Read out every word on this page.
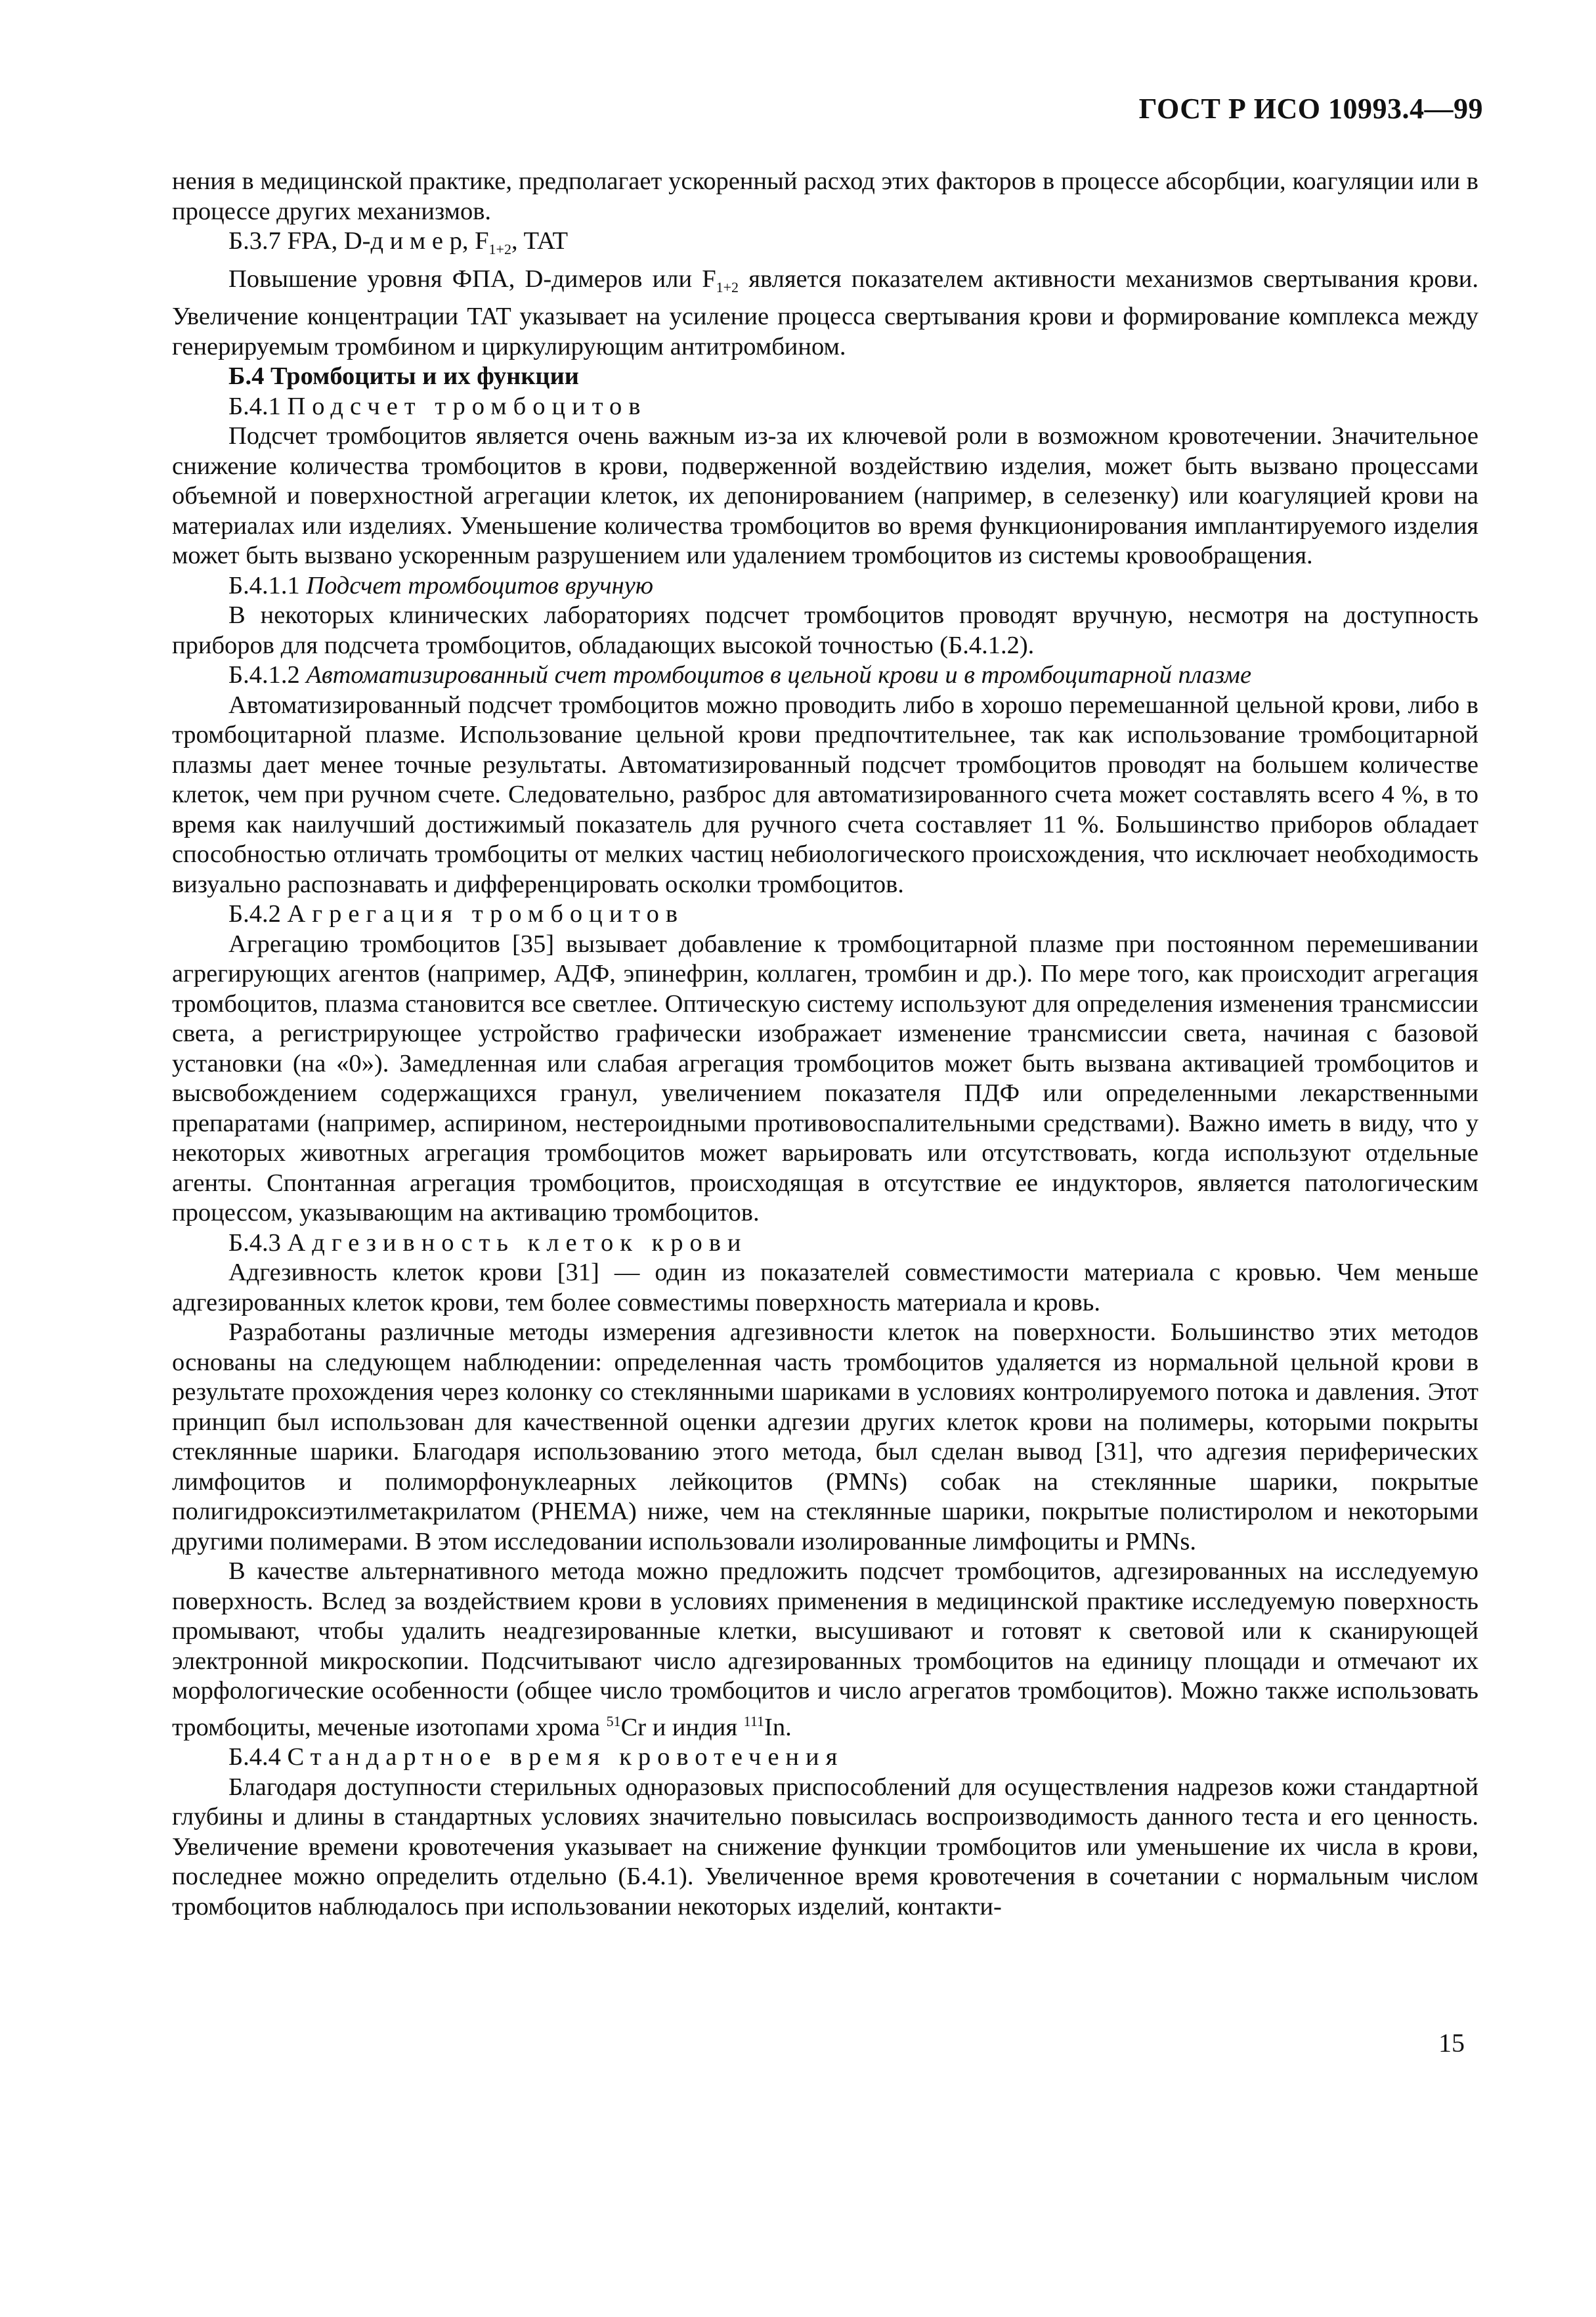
ГОСТ Р ИСО 10993.4—99

нения в медицинской практике, предполагает ускоренный расход этих факторов в процессе абсорбции, коагуляции или в процессе других механизмов.

Б.3.7 FPA, D-д и м е р, $F_{1+2}$, TAT

Повышение уровня ФПА, D-димеров или $F_{1+2}$ является показателем активности механизмов свертывания крови. Увеличение концентрации TAT указывает на усиление процесса свертывания крови и формирование комплекса между генерируемым тромбином и циркулирующим антитромбином.

Б.4 Тромбоциты и их функции

Б.4.1 Подсчет тромбоцитов

Подсчет тромбоцитов является очень важным из-за их ключевой роли в возможном кровотечении. Значительное снижение количества тромбоцитов в крови, подверженной воздействию изделия, может быть вызвано процессами объемной и поверхностной агрегации клеток, их депонированием (например, в селезенку) или коагуляцией крови на материалах или изделиях. Уменьшение количества тромбоцитов во время функционирования имплантируемого изделия может быть вызвано ускоренным разрушением или удалением тромбоцитов из системы кровообращения.

Б.4.1.1 Подсчет тромбоцитов вручную

В некоторых клинических лабораториях подсчет тромбоцитов проводят вручную, несмотря на доступность приборов для подсчета тромбоцитов, обладающих высокой точностью (Б.4.1.2).

Б.4.1.2 Автоматизированный счет тромбоцитов в цельной крови и в тромбоцитарной плазме

Автоматизированный подсчет тромбоцитов можно проводить либо в хорошо перемешанной цельной крови, либо в тромбоцитарной плазме. Использование цельной крови предпочтительнее, так как использование тромбоцитарной плазмы дает менее точные результаты. Автоматизированный подсчет тромбоцитов проводят на большем количестве клеток, чем при ручном счете. Следовательно, разброс для автоматизированного счета может составлять всего 4 %, в то время как наилучший достижимый показатель для ручного счета составляет 11 %. Большинство приборов обладает способностью отличать тромбоциты от мелких частиц небиологического происхождения, что исключает необходимость визуально распознавать и дифференцировать осколки тромбоцитов.

Б.4.2 Агрегация тромбоцитов

Агрегацию тромбоцитов [35] вызывает добавление к тромбоцитарной плазме при постоянном перемешивании агрегирующих агентов (например, АДФ, эпинефрин, коллаген, тромбин и др.). По мере того, как происходит агрегация тромбоцитов, плазма становится все светлее. Оптическую систему используют для определения изменения трансмиссии света, а регистрирующее устройство графически изображает изменение трансмиссии света, начиная с базовой установки (на «0»). Замедленная или слабая агрегация тромбоцитов может быть вызвана активацией тромбоцитов и высвобождением содержащихся гранул, увеличением показателя ПДФ или определенными лекарственными препаратами (например, аспирином, нестероидными противовоспалительными средствами). Важно иметь в виду, что у некоторых животных агрегация тромбоцитов может варьировать или отсутствовать, когда используют отдельные агенты. Спонтанная агрегация тромбоцитов, происходящая в отсутствие ее индукторов, является патологическим процессом, указывающим на активацию тромбоцитов.

Б.4.3 Адгезивность клеток крови

Адгезивность клеток крови [31] — один из показателей совместимости материала с кровью. Чем меньше адгезированных клеток крови, тем более совместимы поверхность материала и кровь.

Разработаны различные методы измерения адгезивности клеток на поверхности. Большинство этих методов основаны на следующем наблюдении: определенная часть тромбоцитов удаляется из нормальной цельной крови в результате прохождения через колонку со стеклянными шариками в условиях контролируемого потока и давления. Этот принцип был использован для качественной оценки адгезии других клеток крови на полимеры, которыми покрыты стеклянные шарики. Благодаря использованию этого метода, был сделан вывод [31], что адгезия периферических лимфоцитов и полиморфонуклеарных лейкоцитов (PMNs) собак на стеклянные шарики, покрытые полигидроксиэтилметакрилатом (PHEMA) ниже, чем на стеклянные шарики, покрытые полистиролом и некоторыми другими полимерами. В этом исследовании использовали изолированные лимфоциты и PMNs.

В качестве альтернативного метода можно предложить подсчет тромбоцитов, адгезированных на исследуемую поверхность. Вслед за воздействием крови в условиях применения в медицинской практике исследуемую поверхность промывают, чтобы удалить неадгезированные клетки, высушивают и готовят к световой или к сканирующей электронной микроскопии. Подсчитывают число адгезированных тромбоцитов на единицу площади и отмечают их морфологические особенности (общее число тромбоцитов и число агрегатов тромбоцитов). Можно также использовать тромбоциты, меченые изотопами хрома $^{51}$Cr и индия $^{111}$In.

Б.4.4 Стандартное время кровотечения

Благодаря доступности стерильных одноразовых приспособлений для осуществления надрезов кожи стандартной глубины и длины в стандартных условиях значительно повысилась воспроизводимость данного теста и его ценность. Увеличение времени кровотечения указывает на снижение функции тромбоцитов или уменьшение их числа в крови, последнее можно определить отдельно (Б.4.1). Увеличенное время кровотечения в сочетании с нормальным числом тромбоцитов наблюдалось при использовании некоторых изделий, контакти-

15
